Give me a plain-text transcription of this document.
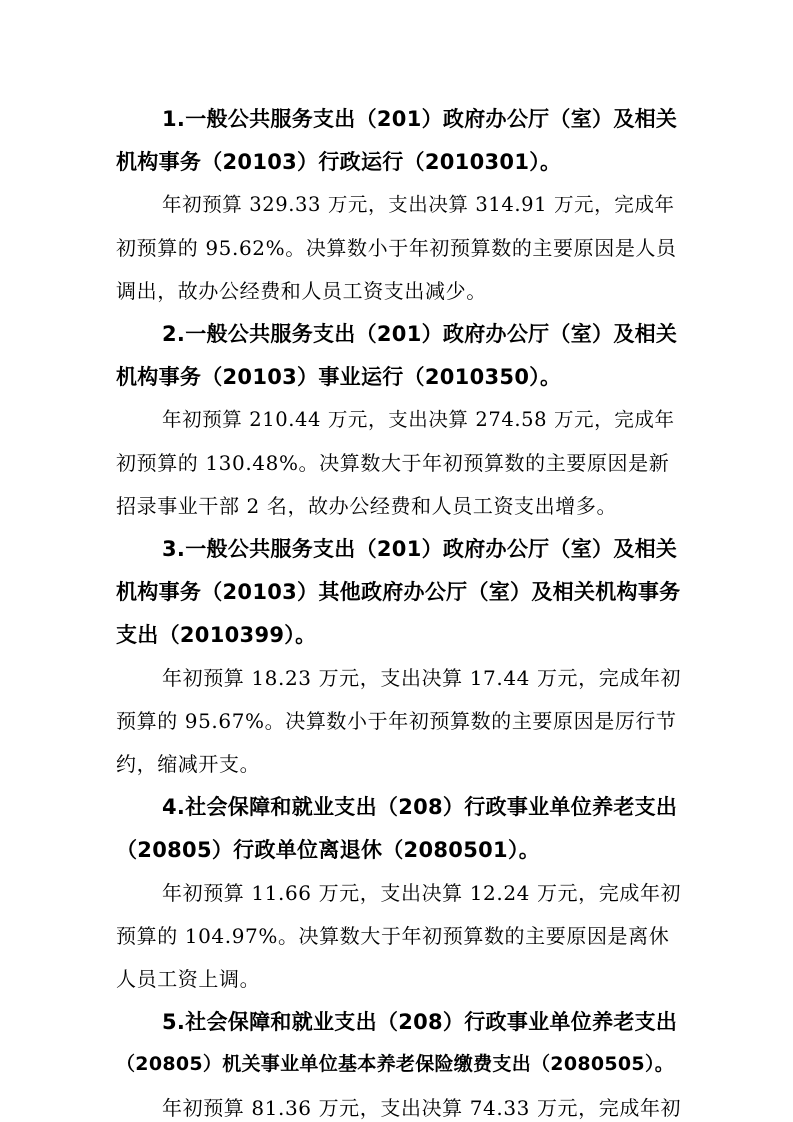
1.一般公共服务支出（201）政府办公厅（室）及相关

机构事务（20103）行政运行（2010301）。

年初预算 329.33 万元，支出决算 314.91 万元，完成年

初预算的 95.62%。决算数小于年初预算数的主要原因是人员

调出，故办公经费和人员工资支出减少。

2.一般公共服务支出（201）政府办公厅（室）及相关

机构事务（20103）事业运行（2010350）。

年初预算 210.44 万元，支出决算 274.58 万元，完成年

初预算的 130.48%。决算数大于年初预算数的主要原因是新

招录事业干部 2 名，故办公经费和人员工资支出增多。

3.一般公共服务支出（201）政府办公厅（室）及相关

机构事务（20103）其他政府办公厅（室）及相关机构事务

支出（2010399）。

年初预算 18.23 万元，支出决算 17.44 万元，完成年初

预算的 95.67%。决算数小于年初预算数的主要原因是厉行节

约，缩减开支。

4.社会保障和就业支出（208）行政事业单位养老支出

（20805）行政单位离退休（2080501）。

年初预算 11.66 万元，支出决算 12.24 万元，完成年初

预算的 104.97%。决算数大于年初预算数的主要原因是离休

人员工资上调。

5.社会保障和就业支出（208）行政事业单位养老支出

（20805）机关事业单位基本养老保险缴费支出（2080505）。

年初预算 81.36 万元，支出决算 74.33 万元，完成年初
